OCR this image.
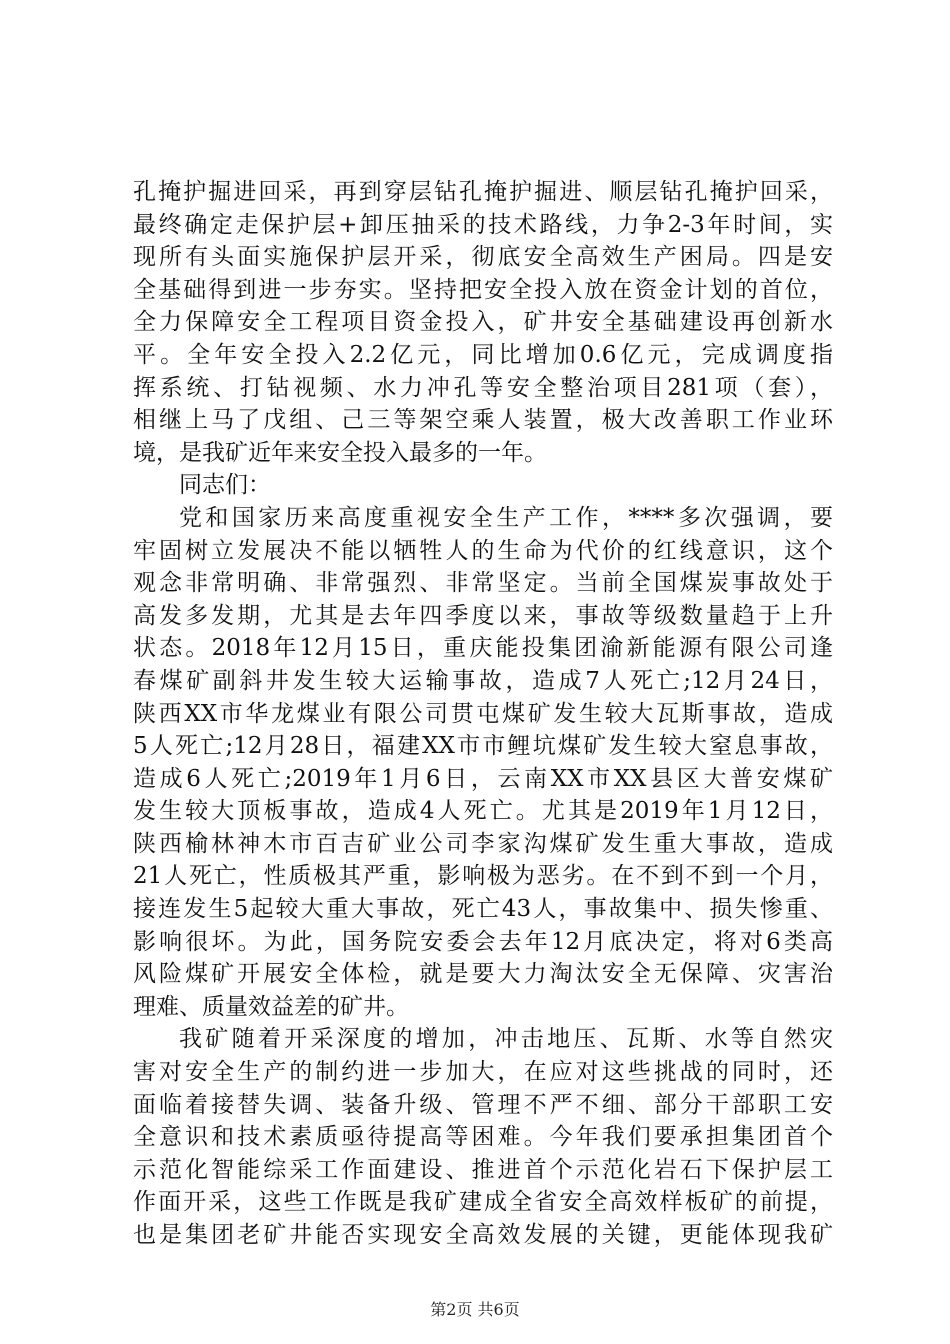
孔掩护掘进回采，再到穿层钻孔掩护掘进、顺层钻孔掩护回采，
最终确定走保护层+卸压抽采的技术路线，力争2-3年时间，实
现所有头面实施保护层开采，彻底安全高效生产困局。四是安
全基础得到进一步夯实。坚持把安全投入放在资金计划的首位，
全力保障安全工程项目资金投入，矿井安全基础建设再创新水
平。全年安全投入2.2亿元，同比增加0.6亿元，完成调度指
挥系统、打钻视频、水力冲孔等安全整治项目281项（套），
相继上马了戊组、己三等架空乘人装置，极大改善职工作业环
境，是我矿近年来安全投入最多的一年。
同志们：
党和国家历来高度重视安全生产工作，****多次强调，要
牢固树立发展决不能以牺牲人的生命为代价的红线意识，这个
观念非常明确、非常强烈、非常坚定。当前全国煤炭事故处于
高发多发期，尤其是去年四季度以来，事故等级数量趋于上升
状态。2018年12月15日，重庆能投集团渝新能源有限公司逢
春煤矿副斜井发生较大运输事故，造成7人死亡;12月24日，
陕西XX市华龙煤业有限公司贯屯煤矿发生较大瓦斯事故，造成
5人死亡;12月28日，福建XX市市鲤坑煤矿发生较大窒息事故，
造成6人死亡;2019年1月6日，云南XX市XX县区大普安煤矿
发生较大顶板事故，造成4人死亡。尤其是2019年1月12日，
陕西榆林神木市百吉矿业公司李家沟煤矿发生重大事故，造成
21人死亡，性质极其严重，影响极为恶劣。在不到不到一个月，
接连发生5起较大重大事故，死亡43人，事故集中、损失惨重、
影响很坏。为此，国务院安委会去年12月底决定，将对6类高
风险煤矿开展安全体检，就是要大力淘汰安全无保障、灾害治
理难、质量效益差的矿井。
我矿随着开采深度的增加，冲击地压、瓦斯、水等自然灾
害对安全生产的制约进一步加大，在应对这些挑战的同时，还
面临着接替失调、装备升级、管理不严不细、部分干部职工安
全意识和技术素质亟待提高等困难。今年我们要承担集团首个
示范化智能综采工作面建设、推进首个示范化岩石下保护层工
作面开采，这些工作既是我矿建成全省安全高效样板矿的前提，
也是集团老矿井能否实现安全高效发展的关键，更能体现我矿
第2页 共6页
